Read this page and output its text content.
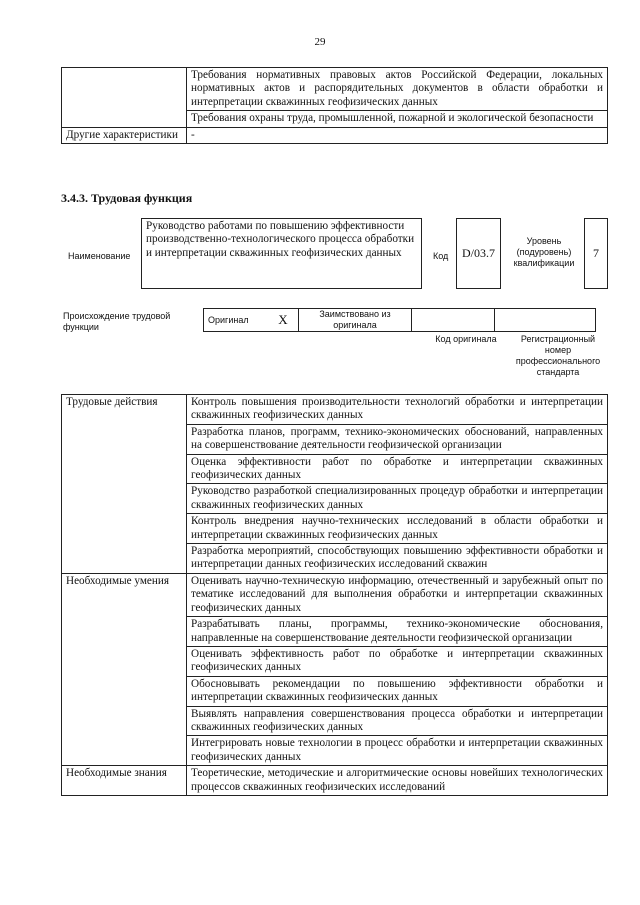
29
	Требования нормативных правовых актов Российской Федерации, локальных нормативных актов и распорядительных документов в области обработки и интерпретации скважинных геофизических данных
	Требования охраны труда, промышленной, пожарной и экологической безопасности
Другие характеристики	-
3.4.3. Трудовая функция
Наименование
Руководство работами по повышению эффективности производственно-технологического процесса обработки и интерпретации скважинных геофизических данных	Код	D/03.7
Уровень (подуровень) квалификации
7
Происхождение трудовой функции
Оригинал	X	Заимствовано из оригинала		
Код оригинала	Регистрационный номер профессионального стандарта
Трудовые действия	Контроль повышения производительности технологий обработки и интерпретации скважинных геофизических данных
	Разработка планов, программ, технико-экономических обоснований, направленных на совершенствование деятельности геофизической организации
	Оценка эффективности работ по обработке и интерпретации скважинных геофизических данных
	Руководство разработкой специализированных процедур обработки и интерпретации скважинных геофизических данных
	Контроль внедрения научно-технических исследований в области обработки и интерпретации скважинных геофизических данных
	Разработка мероприятий, способствующих повышению эффективности обработки и интерпретации данных геофизических исследований скважин
Необходимые умения	Оценивать научно-техническую информацию, отечественный и зарубежный опыт по тематике исследований для выполнения обработки и интерпретации скважинных геофизических данных
	Разрабатывать планы, программы, технико-экономические обоснования, направленные на совершенствование деятельности геофизической организации
	Оценивать эффективность работ по обработке и интерпретации скважинных геофизических данных
	Обосновывать рекомендации по повышению эффективности обработки и интерпретации скважинных геофизических данных
	Выявлять направления совершенствования процесса обработки и интерпретации скважинных геофизических данных
	Интегрировать новые технологии в процесс обработки и интерпретации скважинных геофизических данных
Необходимые знания	Теоретические, методические и алгоритмические основы новейших технологических процессов скважинных геофизических исследований
